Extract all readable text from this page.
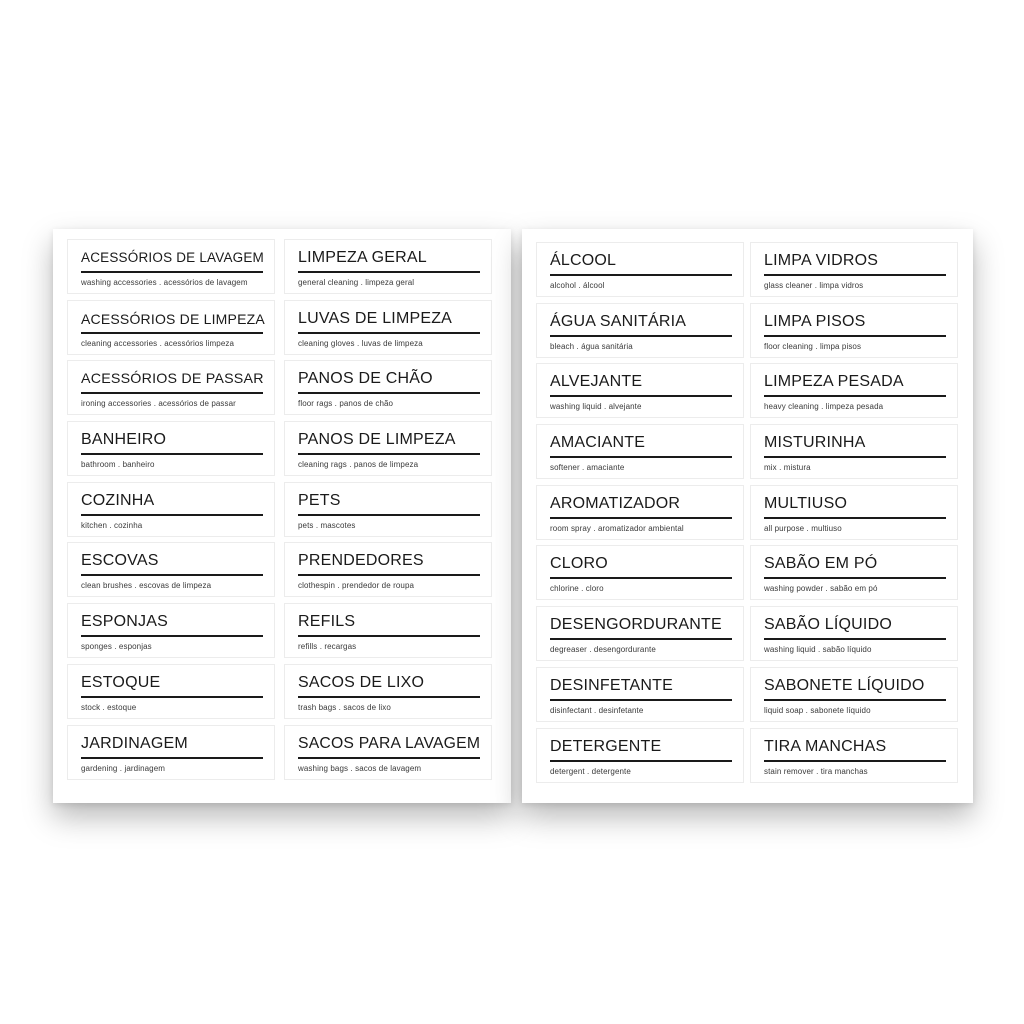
ACESSÓRIOS DE LAVAGEM
washing accessories . acessórios de lavagem
LIMPEZA GERAL
general cleaning . limpeza geral
ACESSÓRIOS DE LIMPEZA
cleaning accessories . acessórios limpeza
LUVAS DE LIMPEZA
cleaning gloves . luvas de limpeza
ACESSÓRIOS DE PASSAR
ironing accessories . acessórios de passar
PANOS DE CHÃO
floor rags . panos de chão
BANHEIRO
bathroom . banheiro
PANOS DE LIMPEZA
cleaning rags . panos de limpeza
COZINHA
kitchen . cozinha
PETS
pets . mascotes
ESCOVAS
clean brushes . escovas de limpeza
PRENDEDORES
clothespin . prendedor de roupa
ESPONJAS
sponges . esponjas
REFILS
refills . recargas
ESTOQUE
stock . estoque
SACOS DE LIXO
trash bags . sacos de lixo
JARDINAGEM
gardening . jardinagem
SACOS PARA LAVAGEM
washing bags . sacos de lavagem
ÁLCOOL
alcohol . álcool
LIMPA VIDROS
glass cleaner . limpa vidros
ÁGUA SANITÁRIA
bleach . água sanitária
LIMPA PISOS
floor cleaning . limpa pisos
ALVEJANTE
washing liquid . alvejante
LIMPEZA PESADA
heavy cleaning . limpeza pesada
AMACIANTE
softener . amaciante
MISTURINHA
mix . mistura
AROMATIZADOR
room spray . aromatizador ambiental
MULTIUSO
all purpose . multiuso
CLORO
chlorine . cloro
SABÃO EM PÓ
washing powder . sabão em pó
DESENGORDURANTE
degreaser . desengordurante
SABÃO LÍQUIDO
washing liquid . sabão líquido
DESINFETANTE
disinfectant . desinfetante
SABONETE LÍQUIDO
liquid soap . sabonete líquido
DETERGENTE
detergent . detergente
TIRA MANCHAS
stain remover . tira manchas
